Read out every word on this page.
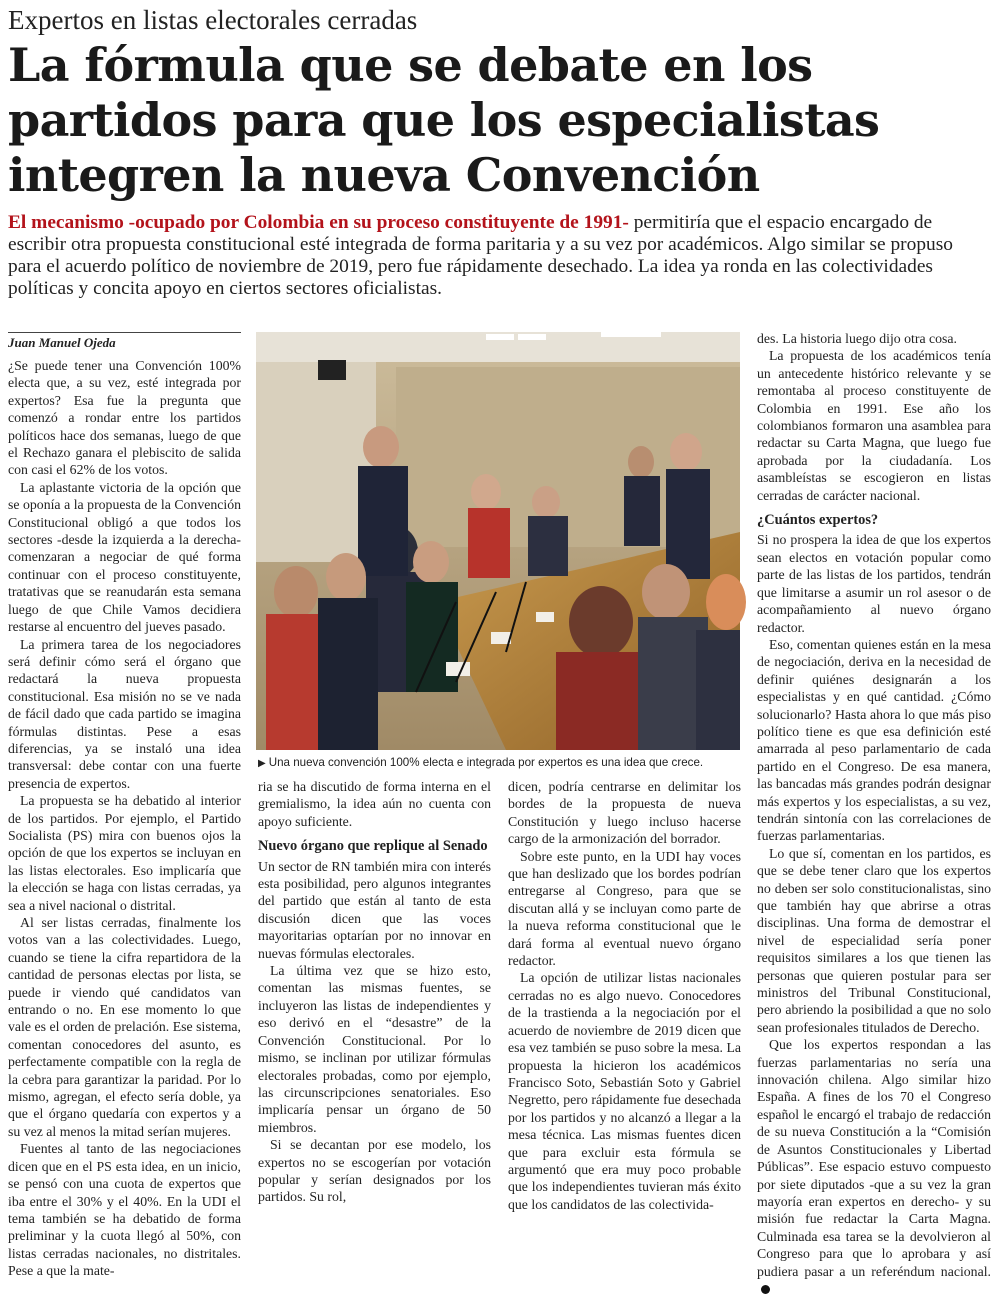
Expertos en listas electorales cerradas
La fórmula que se debate en los partidos para que los especialistas integren la nueva Convención

El mecanismo -ocupado por Colombia en su proceso constituyente de 1991- permitiría que el espacio encargado de escribir otra propuesta constitucional esté integrada de forma paritaria y a su vez por académicos. Algo similar se propuso para el acuerdo político de noviembre de 2019, pero fue rápidamente desechado. La idea ya ronda en las colectividades políticas y concita apoyo en ciertos sectores oficialistas.

Juan Manuel Ojeda

¿Se puede tener una Convención 100% electa que, a su vez, esté integrada por expertos? Esa fue la pregunta que comenzó a rondar entre los partidos políticos hace dos semanas, luego de que el Rechazo ganara el plebiscito de salida con casi el 62% de los votos.

La aplastante victoria de la opción que se oponía a la propuesta de la Convención Constitucional obligó a que todos los sectores -desde la izquierda a la derecha- comenzaran a negociar de qué forma continuar con el proceso constituyente, tratativas que se reanudarán esta semana luego de que Chile Vamos decidiera restarse al encuentro del jueves pasado.

La primera tarea de los negociadores será definir cómo será el órgano que redactará la nueva propuesta constitucional. Esa misión no se ve nada de fácil dado que cada partido se imagina fórmulas distintas. Pese a esas diferencias, ya se instaló una idea transversal: debe contar con una fuerte presencia de expertos.

La propuesta se ha debatido al interior de los partidos. Por ejemplo, el Partido Socialista (PS) mira con buenos ojos la opción de que los expertos se incluyan en las listas electorales. Eso implicaría que la elección se haga con listas cerradas, ya sea a nivel nacional o distrital.

Al ser listas cerradas, finalmente los votos van a las colectividades. Luego, cuando se tiene la cifra repartidora de la cantidad de personas electas por lista, se puede ir viendo qué candidatos van entrando o no. En ese momento lo que vale es el orden de prelación. Ese sistema, comentan conocedores del asunto, es perfectamente compatible con la regla de la cebra para garantizar la paridad. Por lo mismo, agregan, el efecto sería doble, ya que el órgano quedaría con expertos y a su vez al menos la mitad serían mujeres.

Fuentes al tanto de las negociaciones dicen que en el PS esta idea, en un inicio, se pensó con una cuota de expertos que iba entre el 30% y el 40%. En la UDI el tema también se ha debatido de forma preliminar y la cuota llegó al 50%, con listas cerradas nacionales, no distritales. Pese a que la mate-

▶ Una nueva convención 100% electa e integrada por expertos es una idea que crece.

ria se ha discutido de forma interna en el gremialismo, la idea aún no cuenta con apoyo suficiente.

Nuevo órgano que replique al Senado

Un sector de RN también mira con interés esta posibilidad, pero algunos integrantes del partido que están al tanto de esta discusión dicen que las voces mayoritarias optarían por no innovar en nuevas fórmulas electorales.

La última vez que se hizo esto, comentan las mismas fuentes, se incluyeron las listas de independientes y eso derivó en el “desastre” de la Convención Constitucional. Por lo mismo, se inclinan por utilizar fórmulas electorales probadas, como por ejemplo, las circunscripciones senatoriales. Eso implicaría pensar un órgano de 50 miembros.

Si se decantan por ese modelo, los expertos no se escogerían por votación popular y serían designados por los partidos. Su rol,

dicen, podría centrarse en delimitar los bordes de la propuesta de nueva Constitución y luego incluso hacerse cargo de la armonización del borrador.

Sobre este punto, en la UDI hay voces que han deslizado que los bordes podrían entregarse al Congreso, para que se discutan allá y se incluyan como parte de la nueva reforma constitucional que le dará forma al eventual nuevo órgano redactor.

La opción de utilizar listas nacionales cerradas no es algo nuevo. Conocedores de la trastienda a la negociación por el acuerdo de noviembre de 2019 dicen que esa vez también se puso sobre la mesa. La propuesta la hicieron los académicos Francisco Soto, Sebastián Soto y Gabriel Negretto, pero rápidamente fue desechada por los partidos y no alcanzó a llegar a la mesa técnica. Las mismas fuentes dicen que para excluir esta fórmula se argumentó que era muy poco probable que los independientes tuvieran más éxito que los candidatos de las colectivida-

des. La historia luego dijo otra cosa.

La propuesta de los académicos tenía un antecedente histórico relevante y se remontaba al proceso constituyente de Colombia en 1991. Ese año los colombianos formaron una asamblea para redactar su Carta Magna, que luego fue aprobada por la ciudadanía. Los asambleístas se escogieron en listas cerradas de carácter nacional.

¿Cuántos expertos?

Si no prospera la idea de que los expertos sean electos en votación popular como parte de las listas de los partidos, tendrán que limitarse a asumir un rol asesor o de acompañamiento al nuevo órgano redactor.

Eso, comentan quienes están en la mesa de negociación, deriva en la necesidad de definir quiénes designarán a los especialistas y en qué cantidad. ¿Cómo solucionarlo? Hasta ahora lo que más piso político tiene es que esa definición esté amarrada al peso parlamentario de cada partido en el Congreso. De esa manera, las bancadas más grandes podrán designar más expertos y los especialistas, a su vez, tendrán sintonía con las correlaciones de fuerzas parlamentarias.

Lo que sí, comentan en los partidos, es que se debe tener claro que los expertos no deben ser solo constitucionalistas, sino que también hay que abrirse a otras disciplinas. Una forma de demostrar el nivel de especialidad sería poner requisitos similares a los que tienen las personas que quieren postular para ser ministros del Tribunal Constitucional, pero abriendo la posibilidad a que no solo sean profesionales titulados de Derecho.

Que los expertos respondan a las fuerzas parlamentarias no sería una innovación chilena. Algo similar hizo España. A fines de los 70 el Congreso español le encargó el trabajo de redacción de su nueva Constitución a la “Comisión de Asuntos Constitucionales y Libertad Públicas”. Ese espacio estuvo compuesto por siete diputados -que a su vez la gran mayoría eran expertos en derecho- y su misión fue redactar la Carta Magna. Culminada esa tarea se la devolvieron al Congreso para que lo aprobara y así pudiera pasar a un referéndum nacional.
